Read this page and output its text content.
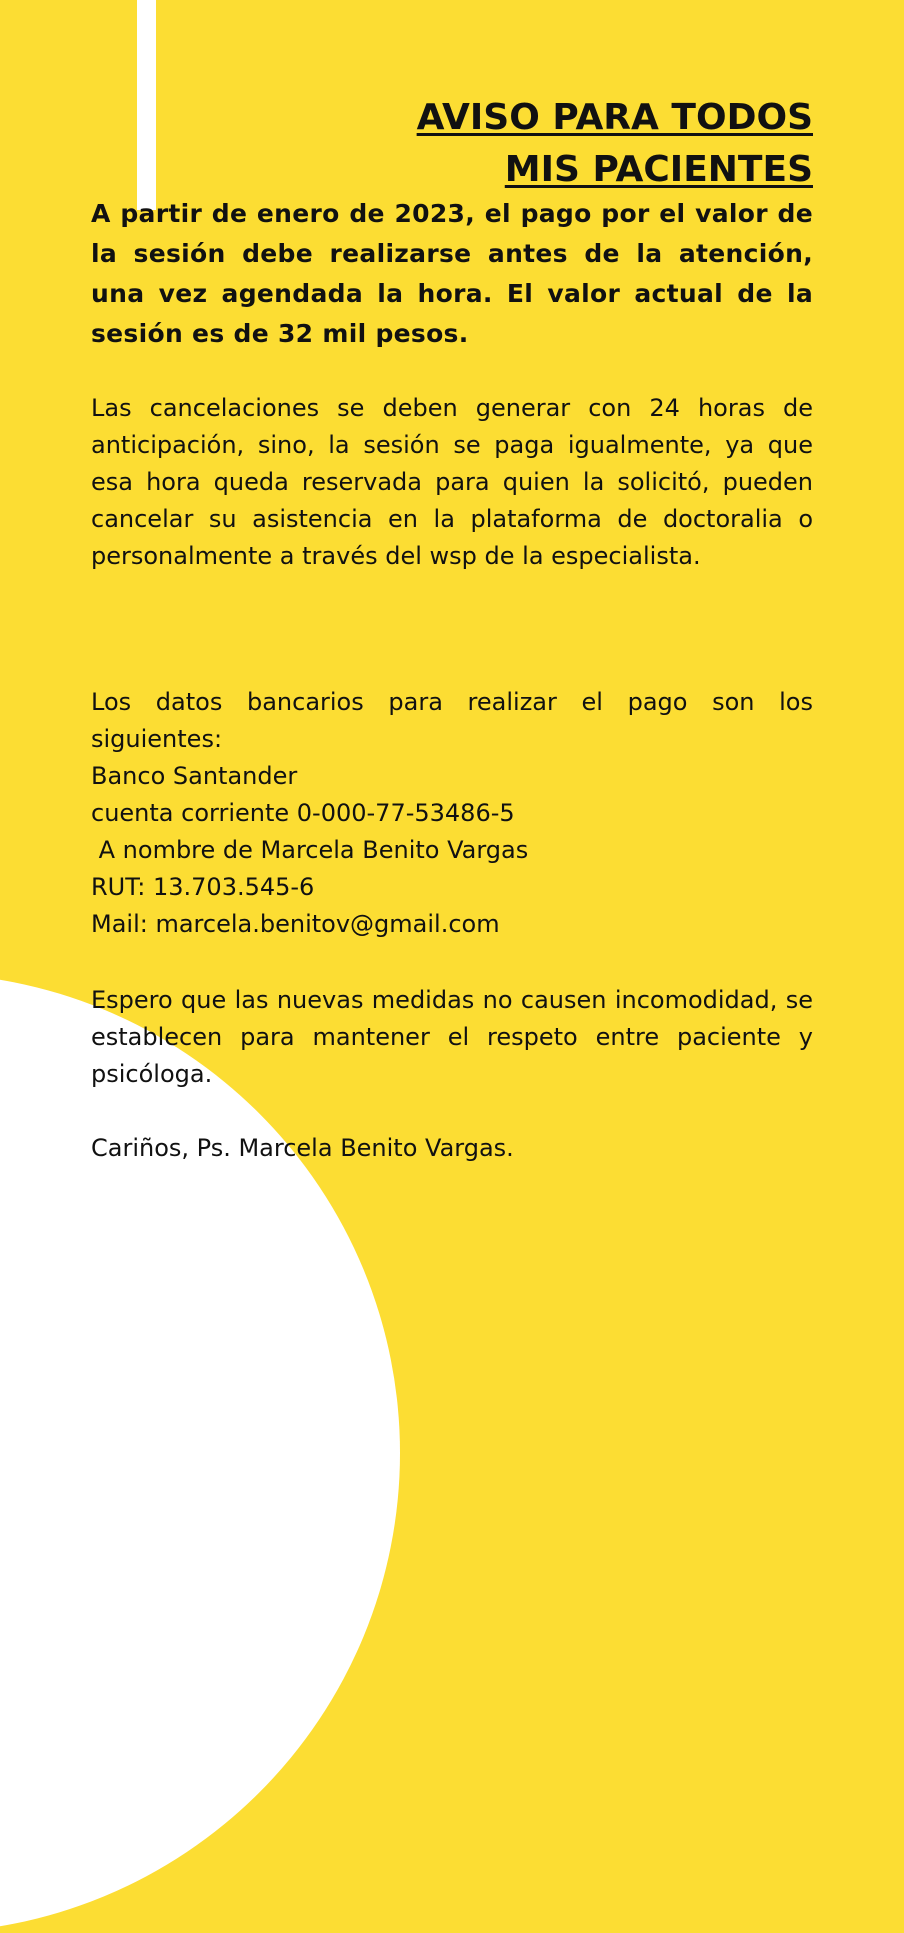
AVISO PARA TODOS
MIS PACIENTES

A partir de enero de 2023, el pago por el valor de la sesión debe realizarse antes de la atención, una vez agendada la hora. El valor actual de la sesión es de 32 mil pesos.

Las cancelaciones se deben generar con 24 horas de anticipación, sino, la sesión se paga igualmente, ya que esa hora queda reservada para quien la solicitó, pueden cancelar su asistencia en la plataforma de doctoralia o personalmente a través del wsp de la especialista.

Los datos bancarios para realizar el pago son los siguientes:

Banco Santander
cuenta corriente 0-000-77-53486-5
A nombre de Marcela Benito Vargas
RUT: 13.703.545-6
Mail: marcela.benitov@gmail.com

Espero que las nuevas medidas no causen incomodidad, se establecen para mantener el respeto entre paciente y psicóloga.

Cariños, Ps. Marcela Benito Vargas.
